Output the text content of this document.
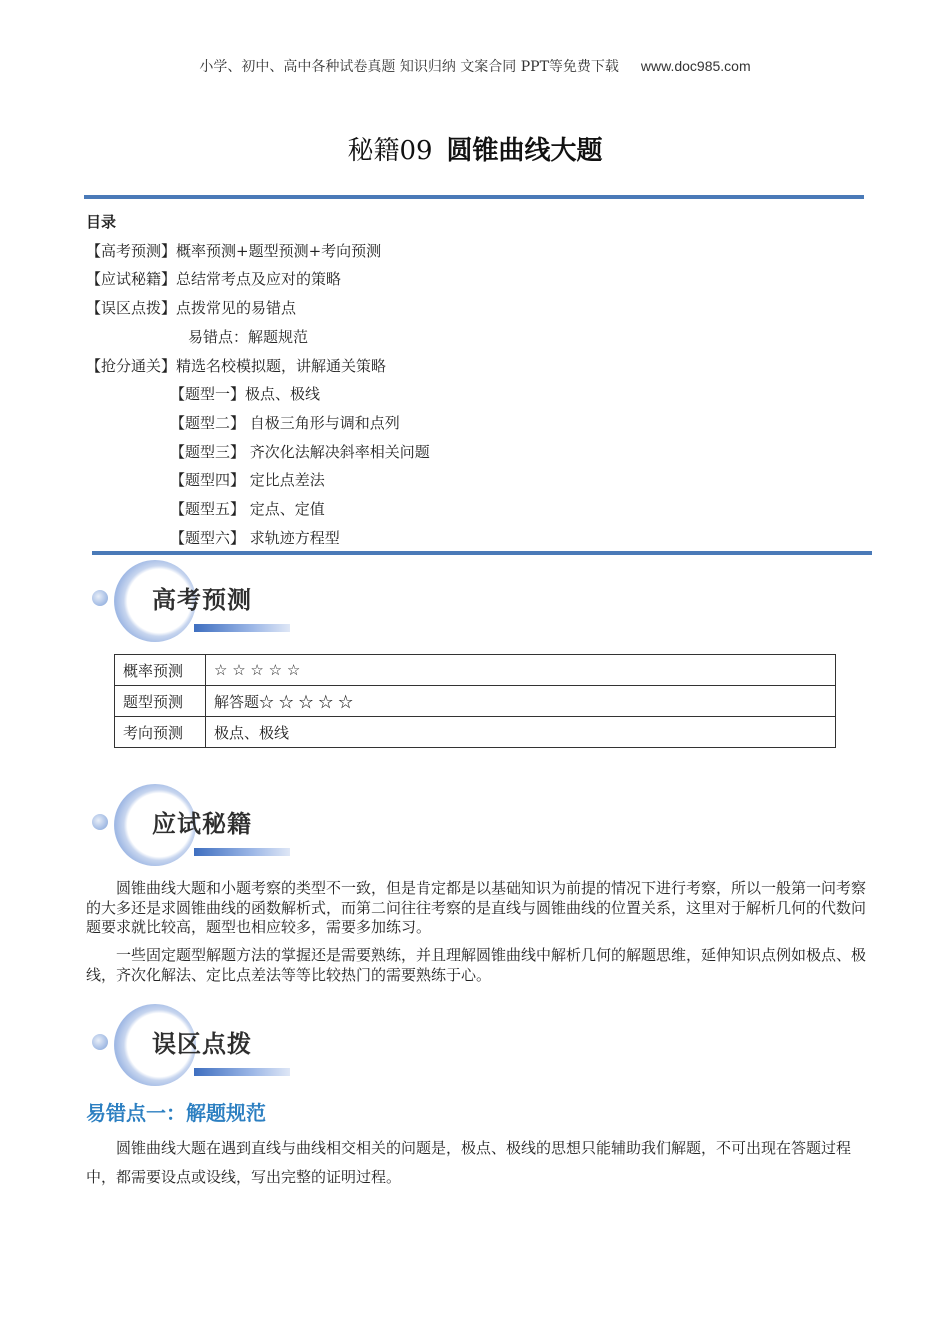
小学、初中、高中各种试卷真题 知识归纳 文案合同 PPT等免费下载 www.doc985.com
秘籍09 圆锥曲线大题
目录
【高考预测】概率预测+题型预测+考向预测
【应试秘籍】总结常考点及应对的策略
【误区点拨】点拨常见的易错点
易错点：解题规范
【抢分通关】精选名校模拟题，讲解通关策略
【题型一】极点、极线
【题型二】 自极三角形与调和点列
【题型三】 齐次化法解决斜率相关问题
【题型四】 定比点差法
【题型五】 定点、定值
【题型六】 求轨迹方程型
高考预测
概率预测	☆ ☆ ☆ ☆ ☆
题型预测	解答题☆ ☆ ☆ ☆ ☆
考向预测	极点、极线
应试秘籍
圆锥曲线大题和小题考察的类型不一致，但是肯定都是以基础知识为前提的情况下进行考察，所以一般第一问考察的大多还是求圆锥曲线的函数解析式，而第二问往往考察的是直线与圆锥曲线的位置关系，这里对于解析几何的代数问题要求就比较高，题型也相应较多，需要多加练习。
一些固定题型解题方法的掌握还是需要熟练，并且理解圆锥曲线中解析几何的解题思维，延伸知识点例如极点、极线，齐次化解法、定比点差法等等比较热门的需要熟练于心。
误区点拨
易错点一：解题规范
圆锥曲线大题在遇到直线与曲线相交相关的问题是，极点、极线的思想只能辅助我们解题，不可出现在答题过程中，都需要设点或设线，写出完整的证明过程。
